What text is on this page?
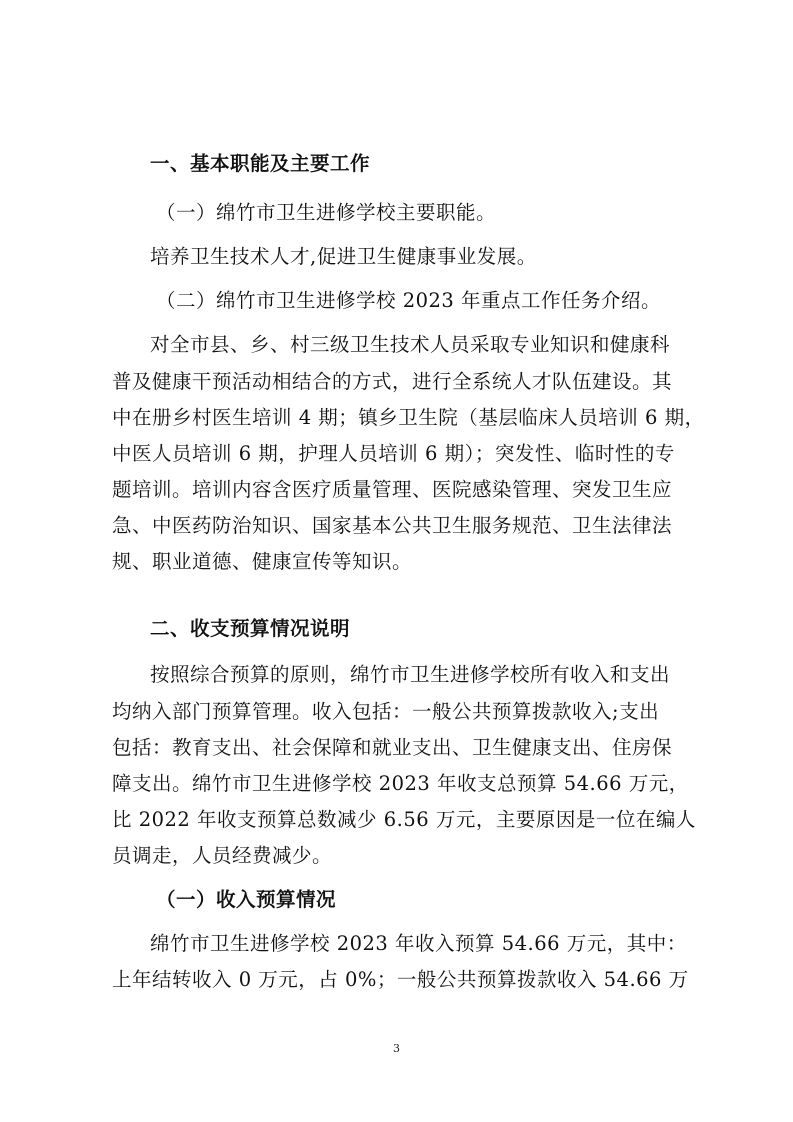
一、基本职能及主要工作
（一）绵竹市卫生进修学校主要职能。
培养卫生技术人才,促进卫生健康事业发展。
（二）绵竹市卫生进修学校 2023 年重点工作任务介绍。
对全市县、乡、村三级卫生技术人员采取专业知识和健康科
普及健康干预活动相结合的方式，进行全系统人才队伍建设。其
中在册乡村医生培训 4 期；镇乡卫生院（基层临床人员培训 6 期，
中医人员培训 6 期，护理人员培训 6 期）；突发性、临时性的专
题培训。培训内容含医疗质量管理、医院感染管理、突发卫生应
急、中医药防治知识、国家基本公共卫生服务规范、卫生法律法
规、职业道德、健康宣传等知识。
二、收支预算情况说明
按照综合预算的原则，绵竹市卫生进修学校所有收入和支出
均纳入部门预算管理。收入包括：一般公共预算拨款收入;支出
包括：教育支出、社会保障和就业支出、卫生健康支出、住房保
障支出。绵竹市卫生进修学校 2023 年收支总预算 54.66 万元，
比 2022 年收支预算总数减少 6.56 万元，主要原因是一位在编人
员调走，人员经费减少。
（一）收入预算情况
绵竹市卫生进修学校 2023 年收入预算 54.66 万元，其中：
上年结转收入 0 万元，占 0%；一般公共预算拨款收入 54.66 万
3
